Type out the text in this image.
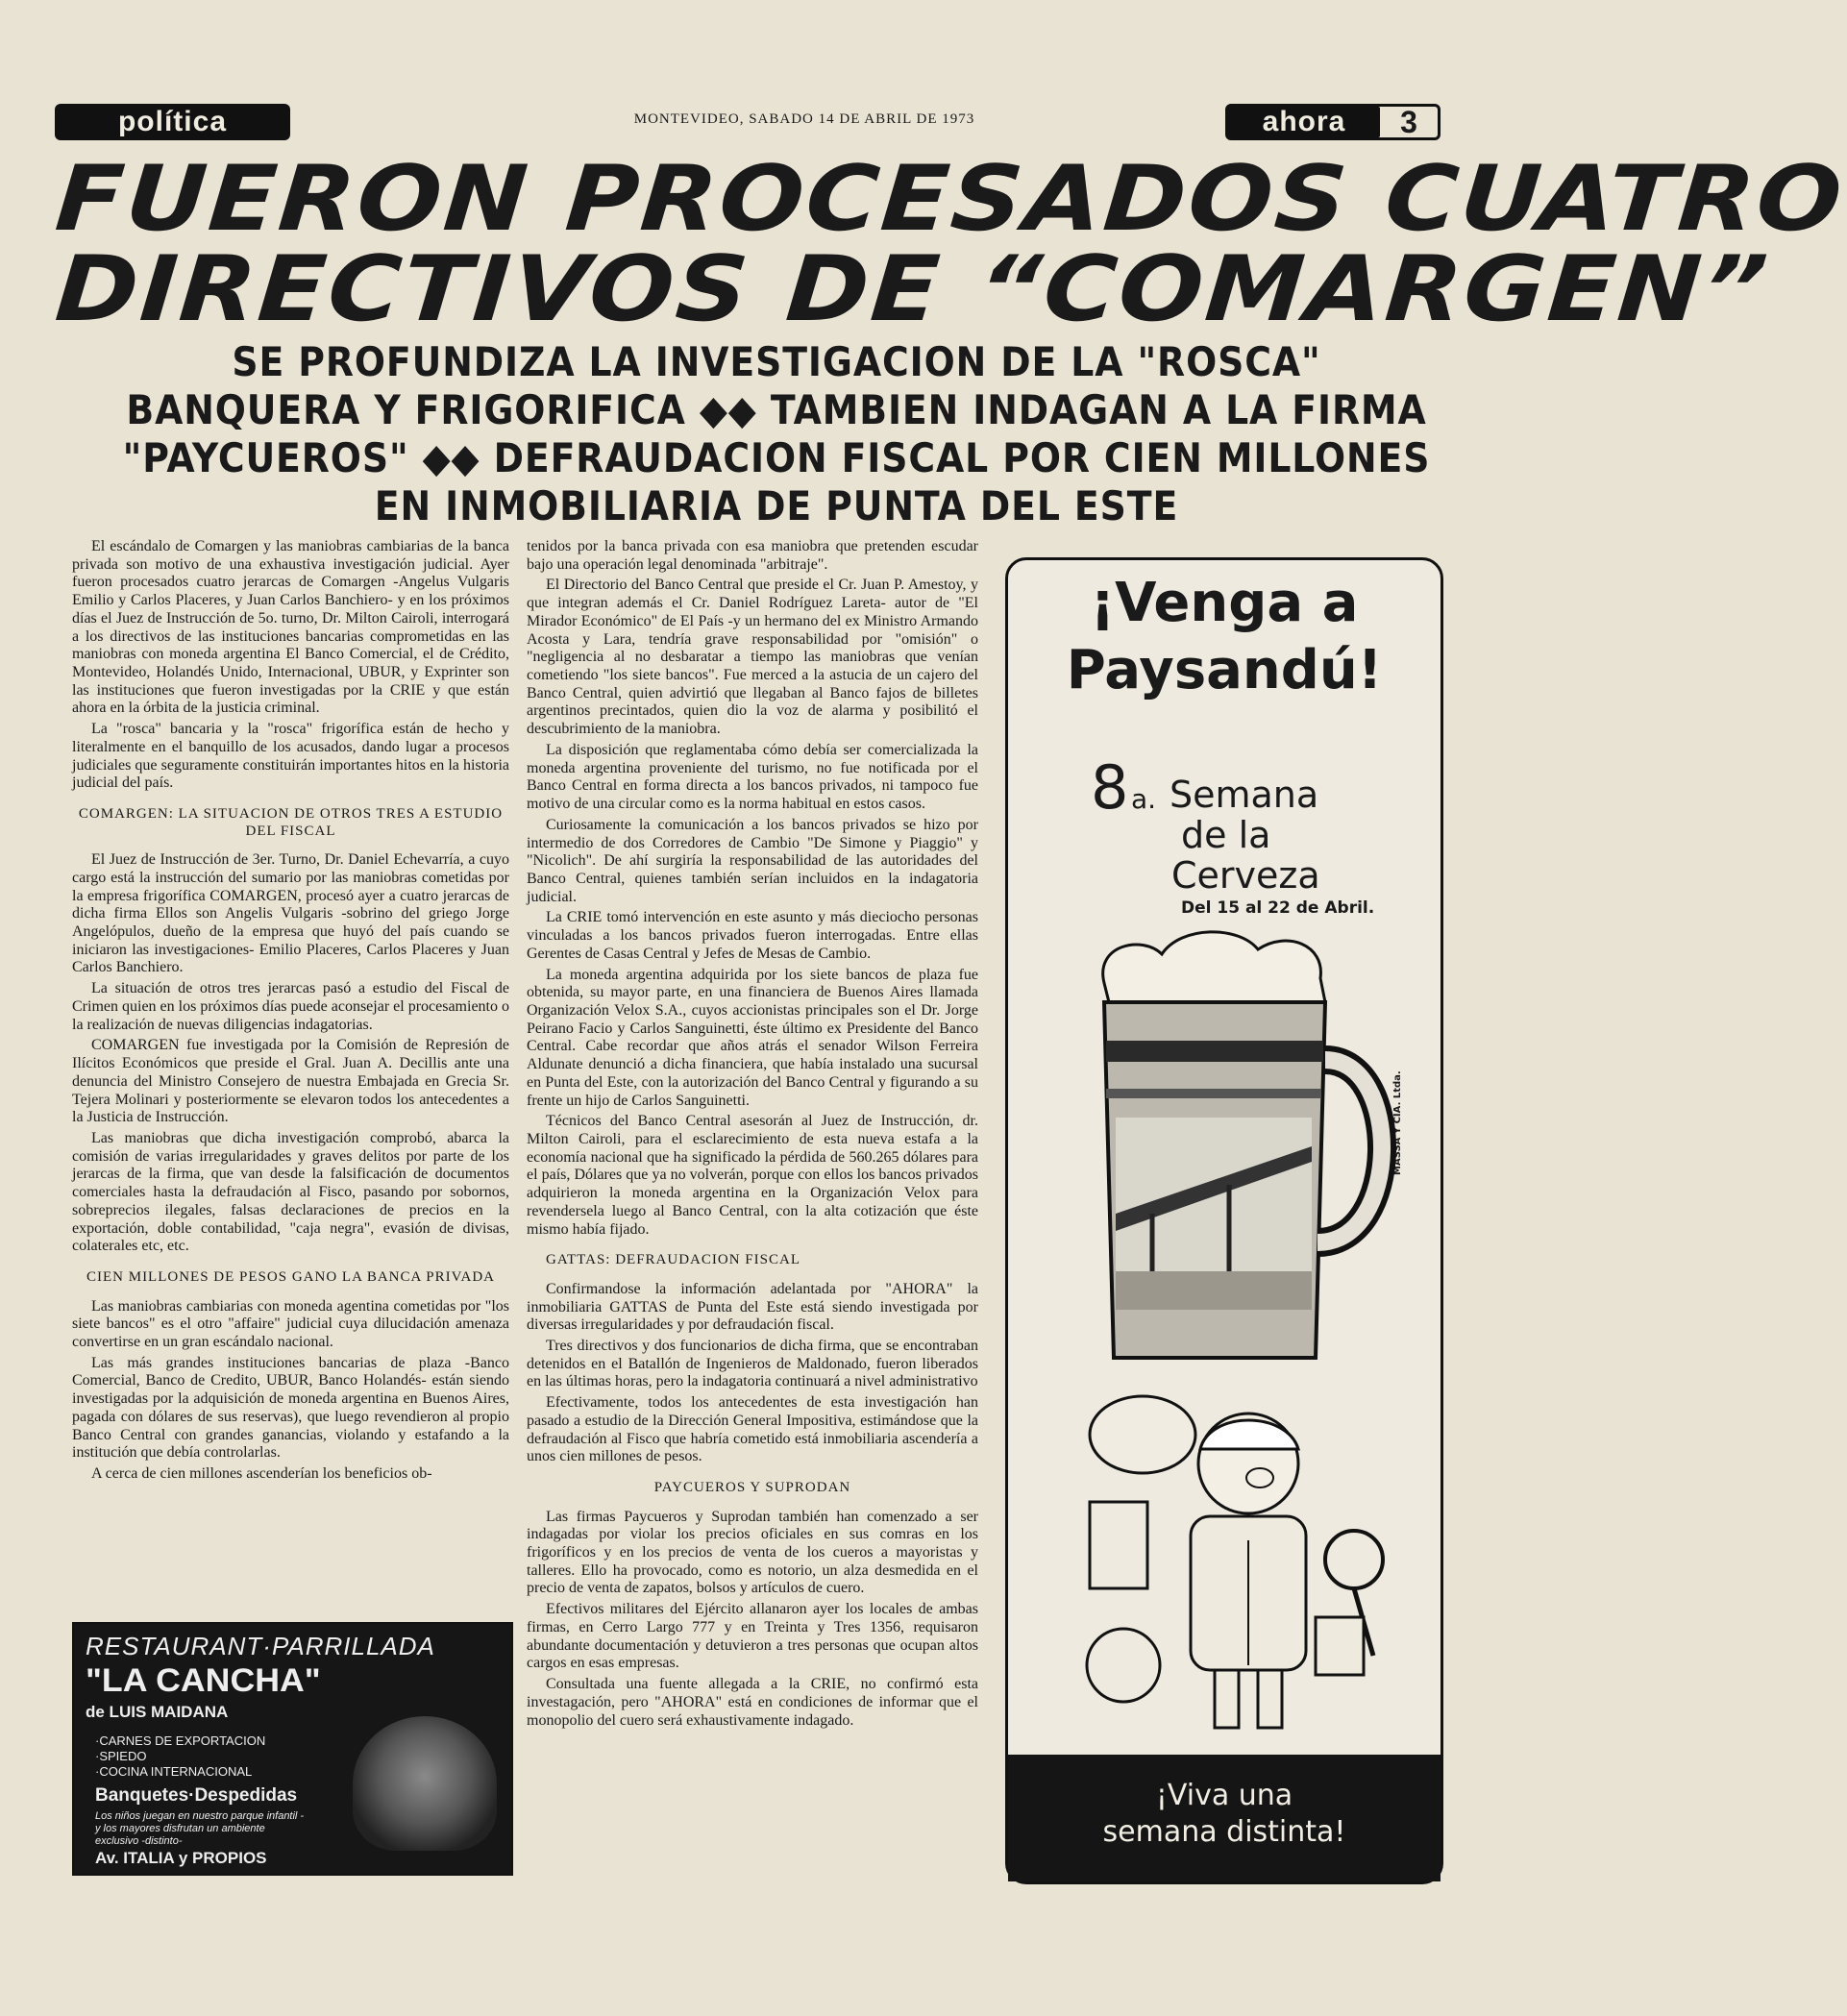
política	MONTEVIDEO, SABADO 14 DE ABRIL DE 1973	ahora	3
FUERON PROCESADOS CUATRO
DIRECTIVOS DE “COMARGEN”
SE PROFUNDIZA LA INVESTIGACION DE LA "ROSCA"
BANQUERA Y FRIGORIFICA ◆◆ TAMBIEN INDAGAN A LA FIRMA
"PAYCUEROS" ◆◆ DEFRAUDACION FISCAL POR CIEN MILLONES
EN INMOBILIARIA DE PUNTA DEL ESTE

El escándalo de Comargen y las maniobras cambiarias de la banca privada son motivo de una exhaustiva investigación judicial. Ayer fueron procesados cuatro jerarcas de Comargen -Angelus Vulgaris Emilio y Carlos Placeres, y Juan Carlos Banchiero- y en los próximos días el Juez de Instrucción de 5o. turno, Dr. Milton Cairoli, interrogará a los directivos de las instituciones bancarias comprometidas en las maniobras con moneda argentina El Banco Comercial, el de Crédito, Montevideo, Holandés Unido, Internacional, UBUR, y Exprinter son las instituciones que fueron investigadas por la CRIE y que están ahora en la órbita de la justicia criminal.

La "rosca" bancaria y la "rosca" frigorífica están de hecho y literalmente en el banquillo de los acusados, dando lugar a procesos judiciales que seguramente constituirán importantes hitos en la historia judicial del país.

COMARGEN: LA SITUACION DE OTROS TRES A ESTUDIO DEL FISCAL

El Juez de Instrucción de 3er. Turno, Dr. Daniel Echevarría, a cuyo cargo está la instrucción del sumario por las maniobras cometidas por la empresa frigorífica COMARGEN, procesó ayer a cuatro jerarcas de dicha firma Ellos son Angelis Vulgaris -sobrino del griego Jorge Angelópulos, dueño de la empresa que huyó del país cuando se iniciaron las investigaciones- Emilio Placeres, Carlos Placeres y Juan Carlos Banchiero.

La situación de otros tres jerarcas pasó a estudio del Fiscal de Crimen quien en los próximos días puede aconsejar el procesamiento o la realización de nuevas diligencias indagatorias.

COMARGEN fue investigada por la Comisión de Represión de Ilícitos Económicos que preside el Gral. Juan A. Decillis ante una denuncia del Ministro Consejero de nuestra Embajada en Grecia Sr. Tejera Molinari y posteriormente se elevaron todos los antecedentes a la Justicia de Instrucción.

Las maniobras que dicha investigación comprobó, abarca la comisión de varias irregularidades y graves delitos por parte de los jerarcas de la firma, que van desde la falsificación de documentos comerciales hasta la defraudación al Fisco, pasando por sobornos, sobreprecios ilegales, falsas declaraciones de precios en la exportación, doble contabilidad, "caja negra", evasión de divisas, colaterales etc, etc.

CIEN MILLONES DE PESOS GANO LA BANCA PRIVADA

Las maniobras cambiarias con moneda agentina cometidas por "los siete bancos" es el otro "affaire" judicial cuya dilucidación amenaza convertirse en un gran escándalo nacional.

Las más grandes instituciones bancarias de plaza -Banco Comercial, Banco de Credito, UBUR, Banco Holandés- están siendo investigadas por la adquisición de moneda argentina en Buenos Aires, pagada con dólares de sus reservas), que luego revendieron al propio Banco Central con grandes ganancias, violando y estafando a la institución que debía controlarlas.

A cerca de cien millones ascenderían los beneficios ob-

tenidos por la banca privada con esa maniobra que pretenden escudar bajo una operación legal denominada "arbitraje".

El Directorio del Banco Central que preside el Cr. Juan P. Amestoy, y que integran además el Cr. Daniel Rodríguez Lareta- autor de "El Mirador Económico" de El País -y un hermano del ex Ministro Armando Acosta y Lara, tendría grave responsabilidad por "omisión" o "negligencia al no desbaratar a tiempo las maniobras que venían cometiendo "los siete bancos". Fue merced a la astucia de un cajero del Banco Central, quien advirtió que llegaban al Banco fajos de billetes argentinos precintados, quien dio la voz de alarma y posibilitó el descubrimiento de la maniobra.

La disposición que reglamentaba cómo debía ser comercializada la moneda argentina proveniente del turismo, no fue notificada por el Banco Central en forma directa a los bancos privados, ni tampoco fue motivo de una circular como es la norma habitual en estos casos.

Curiosamente la comunicación a los bancos privados se hizo por intermedio de dos Corredores de Cambio "De Simone y Piaggio" y "Nicolich". De ahí surgiría la responsabilidad de las autoridades del Banco Central, quienes también serían incluidos en la indagatoria judicial.

La CRIE tomó intervención en este asunto y más dieciocho personas vinculadas a los bancos privados fueron interrogadas. Entre ellas Gerentes de Casas Central y Jefes de Mesas de Cambio.

La moneda argentina adquirida por los siete bancos de plaza fue obtenida, su mayor parte, en una financiera de Buenos Aires llamada Organización Velox S.A., cuyos accionistas principales son el Dr. Jorge Peirano Facio y Carlos Sanguinetti, éste último ex Presidente del Banco Central. Cabe recordar que años atrás el senador Wilson Ferreira Aldunate denunció a dicha financiera, que había instalado una sucursal en Punta del Este, con la autorización del Banco Central y figurando a su frente un hijo de Carlos Sanguinetti.

Técnicos del Banco Central asesorán al Juez de Instrucción, dr. Milton Cairoli, para el esclarecimiento de esta nueva estafa a la economía nacional que ha significado la pérdida de 560.265 dólares para el país, Dólares que ya no volverán, porque con ellos los bancos privados adquirieron la moneda argentina en la Organización Velox para revendersela luego al Banco Central, con la alta cotización que éste mismo había fijado.

GATTAS: DEFRAUDACION FISCAL

Confirmandose la información adelantada por "AHORA" la inmobiliaria GATTAS de Punta del Este está siendo investigada por diversas irregularidades y por defraudación fiscal.

Tres directivos y dos funcionarios de dicha firma, que se encontraban detenidos en el Batallón de Ingenieros de Maldonado, fueron liberados en las últimas horas, pero la indagatoria continuará a nivel administrativo

Efectivamente, todos los antecedentes de esta investigación han pasado a estudio de la Dirección General Impositiva, estimándose que la defraudación al Fisco que habría cometido está inmobiliaria ascendería a unos cien millones de pesos.

PAYCUEROS Y SUPRODAN

Las firmas Paycueros y Suprodan también han comenzado a ser indagadas por violar los precios oficiales en sus comras en los frigoríficos y en los precios de venta de los cueros a mayoristas y talleres. Ello ha provocado, como es notorio, un alza desmedida en el precio de venta de zapatos, bolsos y artículos de cuero.

Efectivos militares del Ejército allanaron ayer los locales de ambas firmas, en Cerro Largo 777 y en Treinta y Tres 1356, requisaron abundante documentación y detuvieron a tres personas que ocupan altos cargos en esas empresas.

Consultada una fuente allegada a la CRIE, no confirmó esta investagación, pero "AHORA" está en condiciones de informar que el monopolio del cuero será exhaustivamente indagado.

RESTAURANT·PARRILLADA
"LA CANCHA"
de LUIS MAIDANA
·CARNES DE EXPORTACION
·SPIEDO
·COCINA INTERNACIONAL
Banquetes·Despedidas
Los niños juegan en nuestro parque infantil -y los mayores disfrutan un ambiente exclusivo -distinto-
Av. ITALIA y PROPIOS
¡Venga a
Paysandú!
8 a. Semana
de la
Cerveza
Del 15 al 22 de Abril.
MASSA Y CIA. Ltda.
¡Viva una
semana distinta!
